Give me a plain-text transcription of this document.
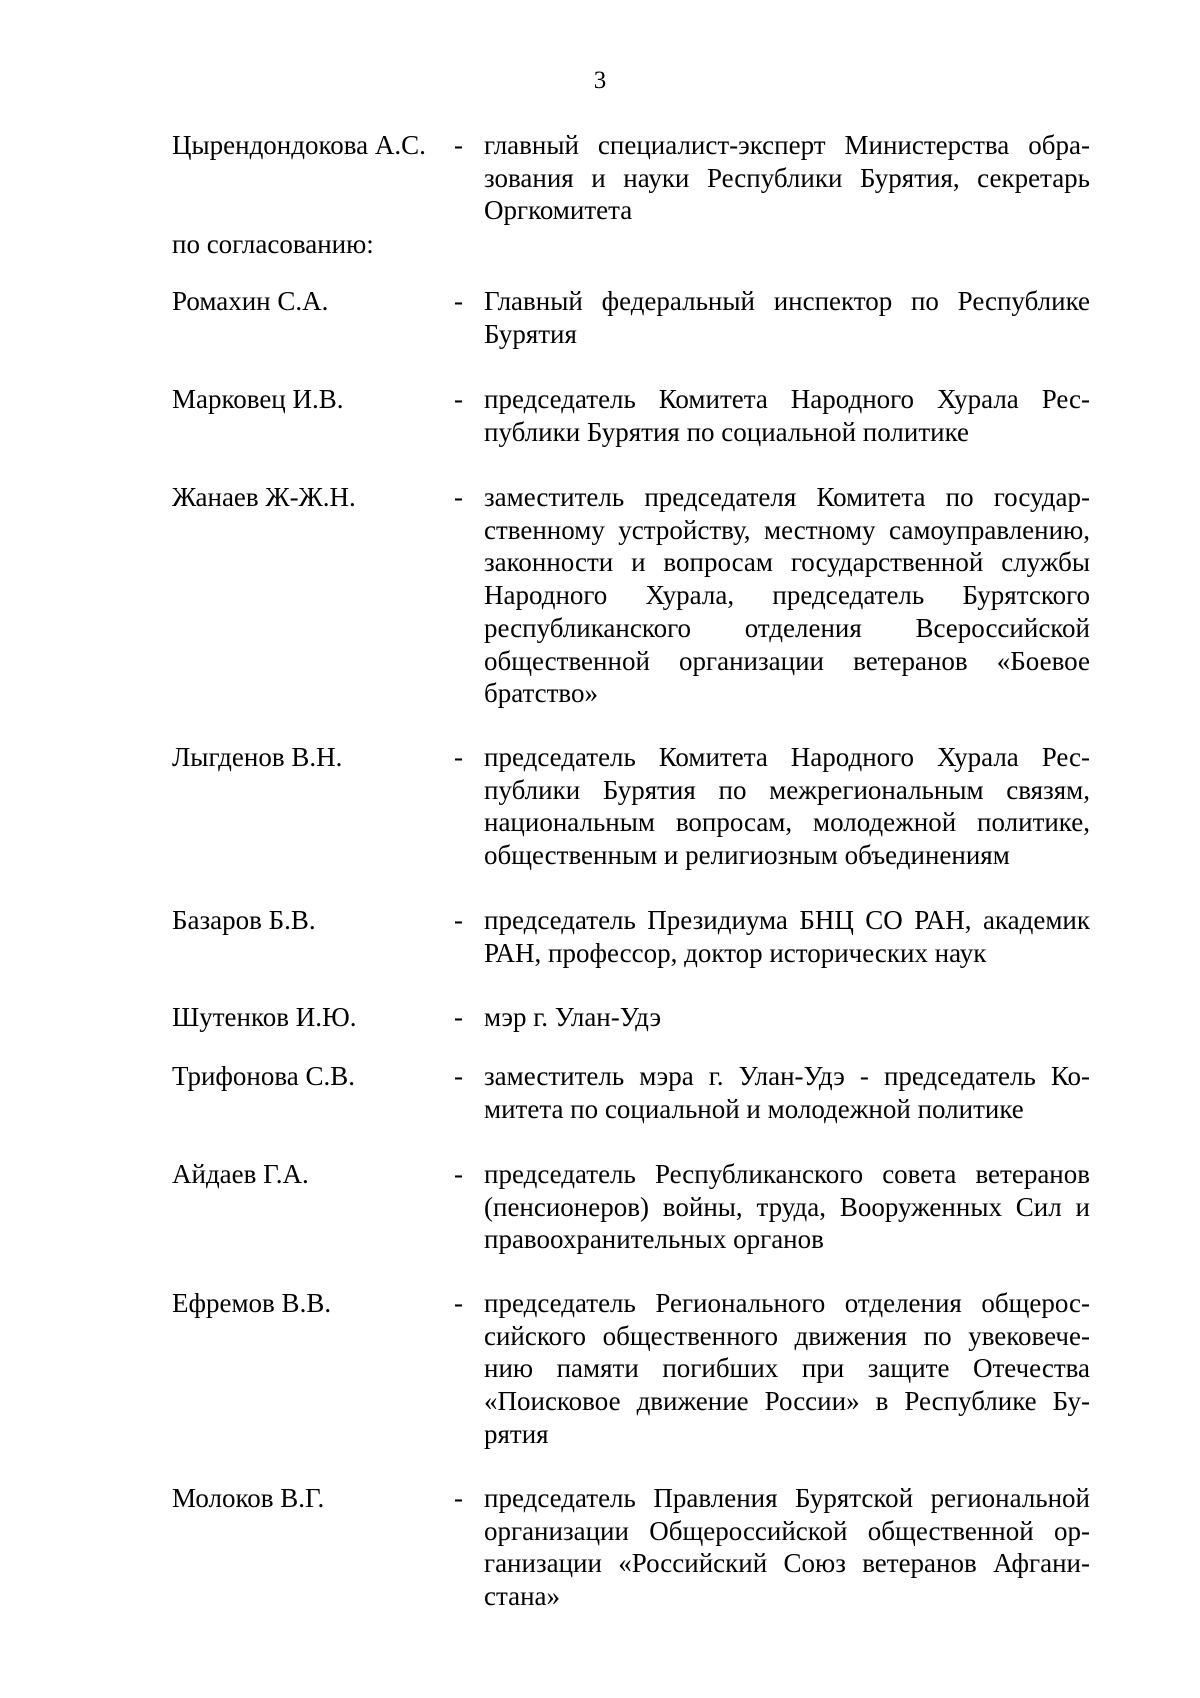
3
Цырендондокова А.С. - главный специалист-эксперт Министерства образования и науки Республики Бурятия, секретарь Оргкомитета
по согласованию:
Ромахин С.А.	- Главный федеральный инспектор по Республике Бурятия
Марковец И.В.	- председатель Комитета Народного Хурала Республики Бурятия по социальной политике
Жанаев Ж-Ж.Н.	- заместитель председателя Комитета по государственному устройству, местному самоуправлению, законности и вопросам государственной службы Народного Хурала, председатель Бурятского республиканского отделения Всероссийской общественной организации ветеранов «Боевое братство»
Лыгденов В.Н.	- председатель Комитета Народного Хурала Республики Бурятия по межрегиональным связям, национальным вопросам, молодежной политике, общественным и религиозным объединениям
Базаров Б.В.	- председатель Президиума БНЦ СО РАН, академик РАН, профессор, доктор исторических наук
Шутенков И.Ю.	- мэр г. Улан-Удэ
Трифонова С.В.	- заместитель мэра г. Улан-Удэ - председатель Комитета по социальной и молодежной политике
Айдаев Г.А.	- председатель Республиканского совета ветеранов (пенсионеров) войны, труда, Вооруженных Сил и правоохранительных органов
Ефремов В.В.	- председатель Регионального отделения общероссийского общественного движения по увековечению памяти погибших при защите Отечества «Поисковое движение России» в Республике Бурятия
Молоков В.Г.	- председатель Правления Бурятской региональной организации Общероссийской общественной организации «Российский Союз ветеранов Афганистана»
